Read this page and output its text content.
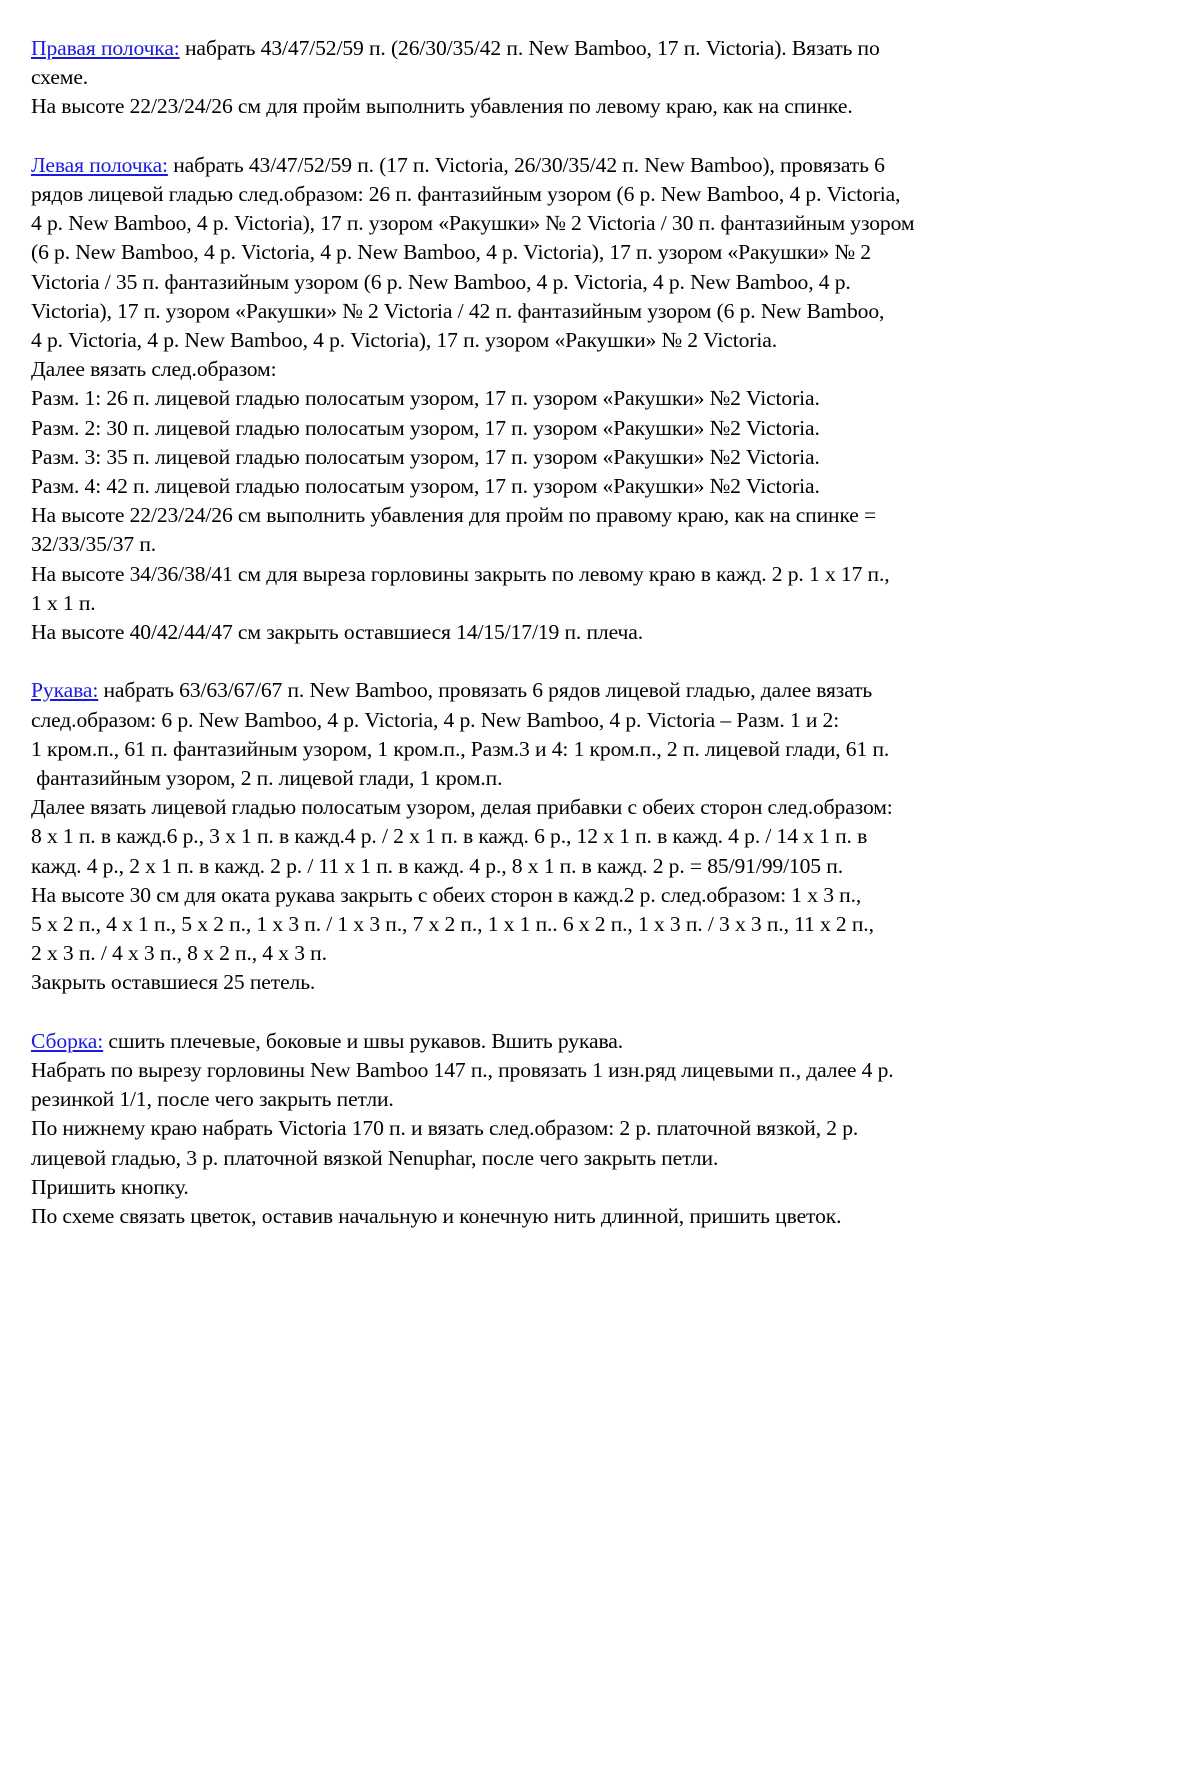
Правая полочка: набрать 43/47/52/59 п. (26/30/35/42 п. New Bamboo, 17 п. Victoria). Вязать по
схеме.
На высоте 22/23/24/26 см для пройм выполнить убавления по левому краю, как на спинке.
Левая полочка: набрать 43/47/52/59 п. (17 п. Victoria, 26/30/35/42 п. New Bamboo), провязать 6
рядов лицевой гладью след.образом: 26 п. фантазийным узором (6 р. New Bamboo, 4 р. Victoria,
4 р. New Bamboo, 4 р. Victoria), 17 п. узором «Ракушки» № 2 Victoria / 30 п. фантазийным узором
(6 р. New Bamboo, 4 р. Victoria, 4 р. New Bamboo, 4 р. Victoria), 17 п. узором «Ракушки» № 2
Victoria / 35 п. фантазийным узором (6 р. New Bamboo, 4 р. Victoria, 4 р. New Bamboo, 4 р.
Victoria), 17 п. узором «Ракушки» № 2 Victoria / 42 п. фантазийным узором (6 р. New Bamboo,
4 р. Victoria, 4 р. New Bamboo, 4 р. Victoria), 17 п. узором «Ракушки» № 2 Victoria.
Далее вязать след.образом:
Разм. 1: 26 п. лицевой гладью полосатым узором, 17 п. узором «Ракушки» №2 Victoria.
Разм. 2: 30 п. лицевой гладью полосатым узором, 17 п. узором «Ракушки» №2 Victoria.
Разм. 3: 35 п. лицевой гладью полосатым узором, 17 п. узором «Ракушки» №2 Victoria.
Разм. 4: 42 п. лицевой гладью полосатым узором, 17 п. узором «Ракушки» №2 Victoria.
На высоте 22/23/24/26 см выполнить убавления для пройм по правому краю, как на спинке =
32/33/35/37 п.
На высоте 34/36/38/41 см для выреза горловины закрыть по левому краю в кажд. 2 р. 1 х 17 п.,
1 х 1 п.
На высоте 40/42/44/47 см закрыть оставшиеся 14/15/17/19 п. плеча.
Рукава: набрать 63/63/67/67 п. New Bamboo, провязать 6 рядов лицевой гладью, далее вязать
след.образом: 6 р. New Bamboo, 4 р. Victoria, 4 р. New Bamboo, 4 р. Victoria – Разм. 1 и 2:
1 кром.п., 61 п. фантазийным узором, 1 кром.п., Разм.3 и 4: 1 кром.п., 2 п. лицевой глади, 61 п.
фантазийным узором, 2 п. лицевой глади, 1 кром.п.
Далее вязать лицевой гладью полосатым узором, делая прибавки с обеих сторон след.образом:
8 х 1 п. в кажд.6 р., 3 х 1 п. в кажд.4 р. / 2 х 1 п. в кажд. 6 р., 12 х 1 п. в кажд. 4 р. / 14 х 1 п. в
кажд. 4 р., 2 х 1 п. в кажд. 2 р. / 11 х 1 п. в кажд. 4 р., 8 х 1 п. в кажд. 2 р. = 85/91/99/105 п.
На высоте 30 см для оката рукава закрыть с обеих сторон в кажд.2 р. след.образом: 1 х 3 п.,
5 х 2 п., 4 х 1 п., 5 х 2 п., 1 х 3 п. / 1 х 3 п., 7 х 2 п., 1 х 1 п.. 6 х 2 п., 1 х 3 п. / 3 х 3 п., 11 х 2 п.,
2 х 3 п. / 4 х 3 п., 8 х 2 п., 4 х 3 п.
Закрыть оставшиеся 25 петель.
Сборка: сшить плечевые, боковые и швы рукавов. Вшить рукава.
Набрать по вырезу горловины New Bamboo 147 п., провязать 1 изн.ряд лицевыми п., далее 4 р.
резинкой 1/1, после чего закрыть петли.
По нижнему краю набрать Victoria 170 п. и вязать след.образом: 2 р. платочной вязкой, 2 р.
лицевой гладью, 3 р. платочной вязкой Nenuphar, после чего закрыть петли.
Пришить кнопку.
По схеме связать цветок, оставив начальную и конечную нить длинной, пришить цветок.
